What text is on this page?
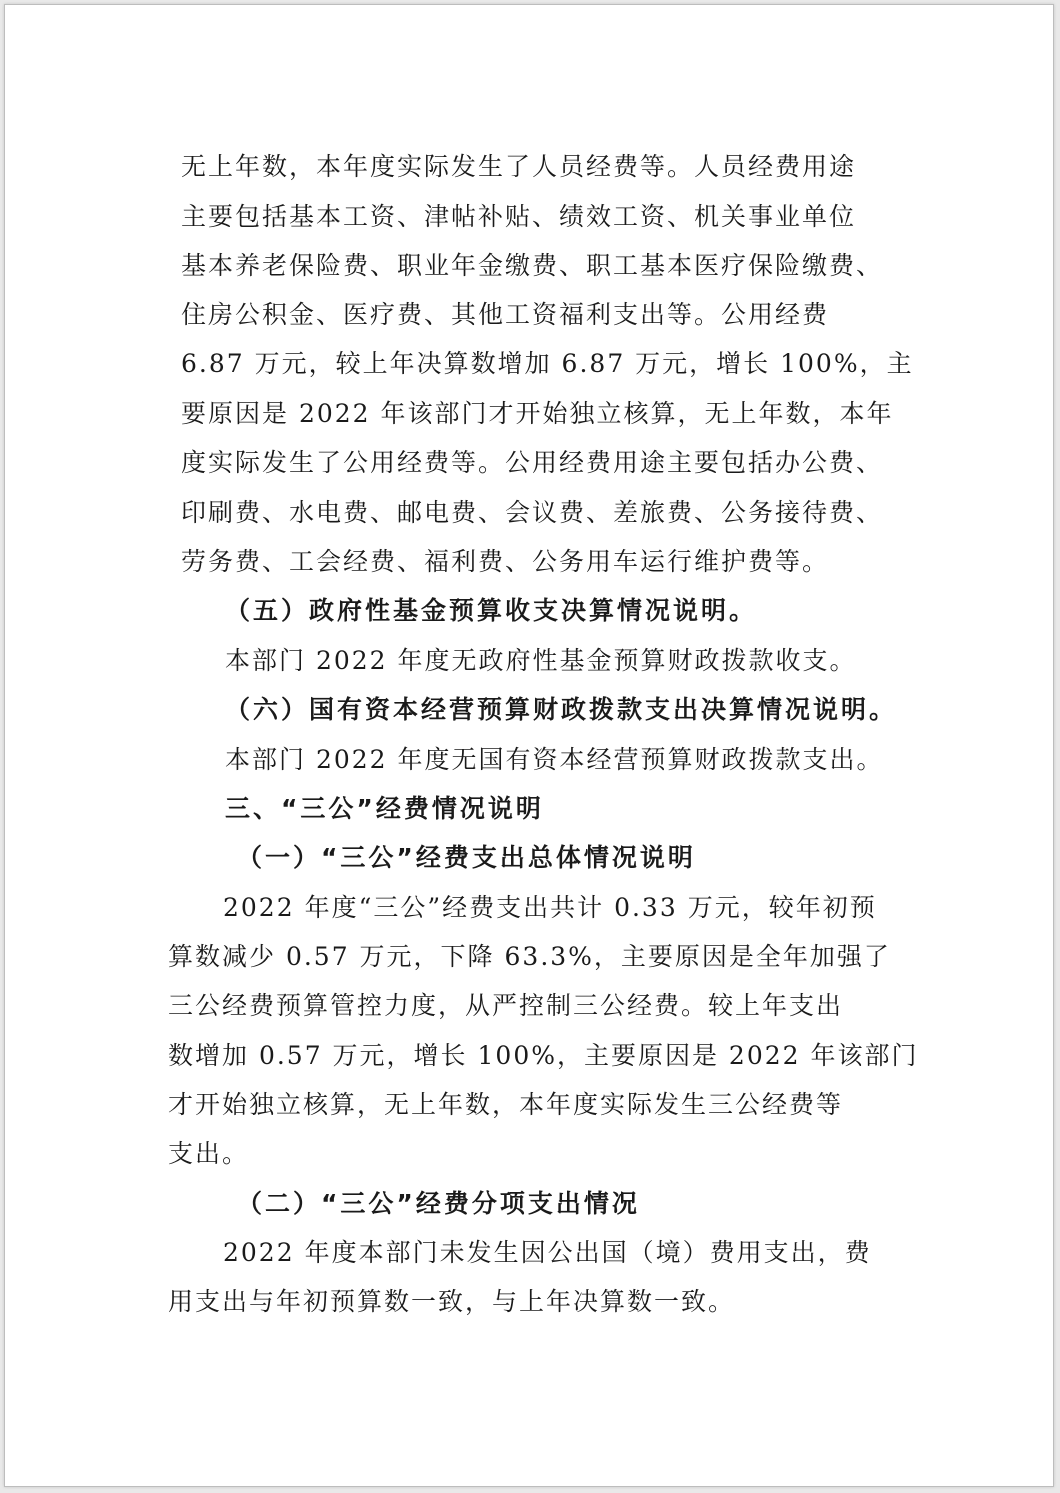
无上年数，本年度实际发生了人员经费等。人员经费用途
主要包括基本工资、津帖补贴、绩效工资、机关事业单位
基本养老保险费、职业年金缴费、职工基本医疗保险缴费、
住房公积金、医疗费、其他工资福利支出等。公用经费
6.87 万元，较上年决算数增加 6.87 万元，增长 100%，主
要原因是 2022 年该部门才开始独立核算，无上年数，本年
度实际发生了公用经费等。公用经费用途主要包括办公费、
印刷费、水电费、邮电费、会议费、差旅费、公务接待费、
劳务费、工会经费、福利费、公务用车运行维护费等。
（五）政府性基金预算收支决算情况说明。
本部门 2022 年度无政府性基金预算财政拨款收支。
（六）国有资本经营预算财政拨款支出决算情况说明。
本部门 2022 年度无国有资本经营预算财政拨款支出。
三、“三公”经费情况说明
（一）“三公”经费支出总体情况说明
2022 年度“三公”经费支出共计 0.33 万元，较年初预
算数减少 0.57 万元，下降 63.3%，主要原因是全年加强了
三公经费预算管控力度，从严控制三公经费。较上年支出
数增加 0.57 万元，增长 100%，主要原因是 2022 年该部门
才开始独立核算，无上年数，本年度实际发生三公经费等
支出。
（二）“三公”经费分项支出情况
2022 年度本部门未发生因公出国（境）费用支出，费
用支出与年初预算数一致，与上年决算数一致。
